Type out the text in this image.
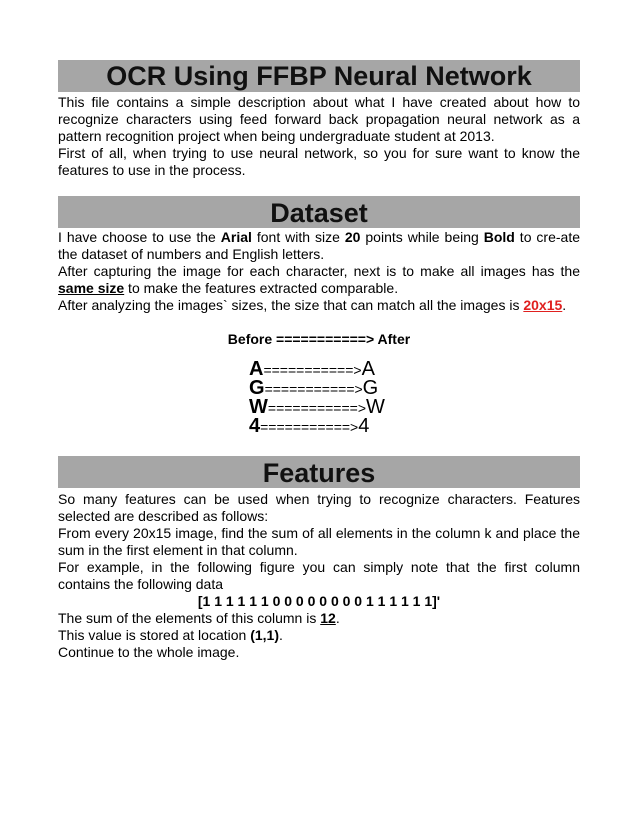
OCR Using FFBP Neural Network

This file contains a simple description about what I have created about how to recognize characters using feed forward back propagation neural network as a pattern recognition project when being undergraduate student at 2013.

First of all, when trying to use neural network, so you for sure want to know the features to use in the process.

Dataset

I have choose to use the Arial font with size 20 points while being Bold to cre-ate the dataset of numbers and English letters.

After capturing the image for each character, next is to make all images has the same size to make the features extracted comparable.

After analyzing the images` sizes, the size that can match all the images is 20x15.

Before ===========> After

A===========>A
G===========>G
W===========>W
4===========>4
Features

So many features can be used when trying to recognize characters. Features selected are described as follows:

From every 20x15 image, find the sum of all elements in the column k and place the sum in the first element in that column.

For example, in the following figure you can simply note that the first column contains the following data

[1 1 1 1 1 1 0 0 0 0 0 0 0 0 1 1 1 1 1 1]'

The sum of the elements of this column is 12.

This value is stored at location (1,1).

Continue to the whole image.
